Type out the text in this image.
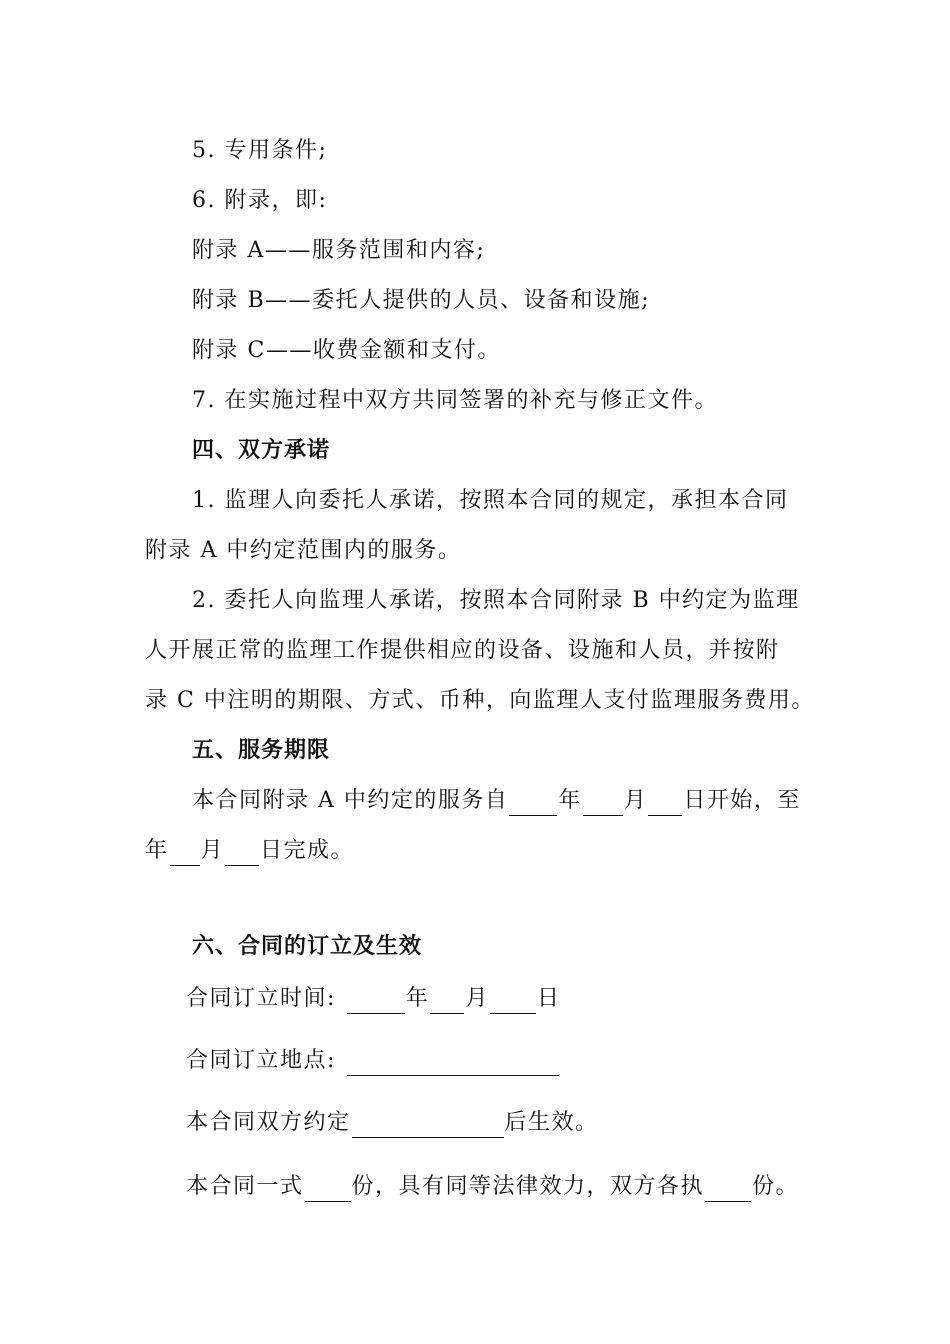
5. 专用条件;
6. 附录，即:
附录 A——服务范围和内容;
附录 B——委托人提供的人员、设备和设施;
附录 C——收费金额和支付。
7. 在实施过程中双方共同签署的补充与修正文件。
四、双方承诺
1. 监理人向委托人承诺，按照本合同的规定，承担本合同
附录 A 中约定范围内的服务。
2. 委托人向监理人承诺，按照本合同附录 B 中约定为监理
人开展正常的监理工作提供相应的设备、设施和人员，并按附
录 C 中注明的期限、方式、币种，向监理人支付监理服务费用。
五、服务期限
本合同附录 A 中约定的服务自 年 月 日开始，至
年 月 日完成。
六、合同的订立及生效
合同订立时间:	年 月 日
合同订立地点:
本合同双方约定	后生效。
本合同一式 份，具有同等法律效力，双方各执 份。
